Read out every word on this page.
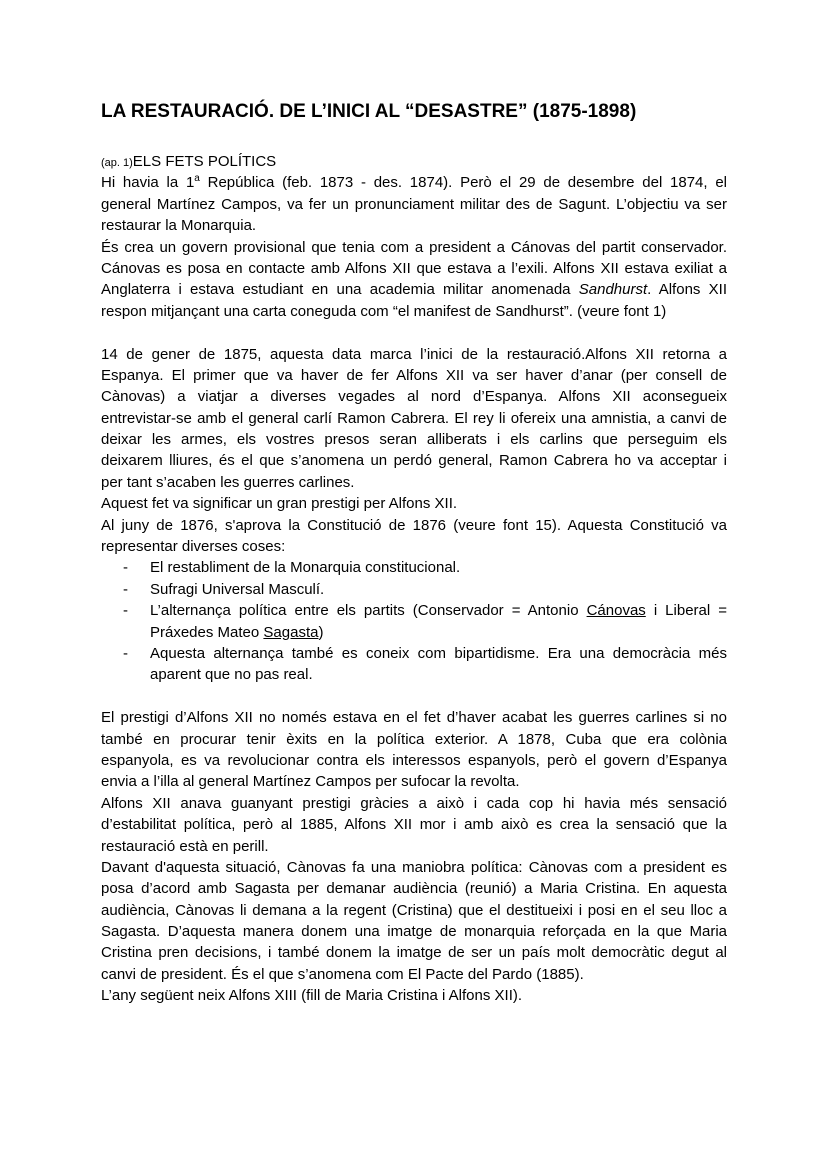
LA RESTAURACIÓ. DE L’INICI AL “DESASTRE” (1875-1898)
(ap. 1)ELS FETS POLÍTICS
Hi havia la 1$^a$ República (feb. 1873 - des. 1874). Però el 29 de desembre del 1874, el
general Martínez Campos, va fer un pronunciament militar des de Sagunt. L’objectiu va ser
restaurar la Monarquia.
És crea un govern provisional que tenia com a president a Cánovas del partit conservador.
Cánovas es posa en contacte amb Alfons XII que estava a l’exili. Alfons XII estava exiliat a
Anglaterra i estava estudiant en una academia militar anomenada Sandhurst. Alfons XII
respon mitjançant una carta coneguda com “el manifest de Sandhurst”. (veure font 1)
14 de gener de 1875, aquesta data marca l’inici de la restauració.Alfons XII retorna a
Espanya. El primer que va haver de fer Alfons XII va ser haver d’anar (per consell de
Cànovas) a viatjar a diverses vegades al nord d’Espanya. Alfons XII aconsegueix
entrevistar-se amb el general carlí Ramon Cabrera. El rey li ofereix una amnistia, a canvi de
deixar les armes, els vostres presos seran alliberats i els carlins que perseguim els
deixarem lliures, és el que s’anomena un perdó general, Ramon Cabrera ho va acceptar i
per tant s’acaben les guerres carlines.
Aquest fet va significar un gran prestigi per Alfons XII.
Al juny de 1876, s'aprova la Constitució de 1876 (veure font 15). Aquesta Constitució va
representar diverses coses:
- El restabliment de la Monarquia constitucional.
- Sufragi Universal Masculí.
- L’alternança política entre els partits (Conservador = Antonio Cánovas i Liberal =
Práxedes Mateo Sagasta)
- Aquesta alternança també es coneix com bipartidisme. Era una democràcia més
aparent que no pas real.
El prestigi d’Alfons XII no només estava en el fet d’haver acabat les guerres carlines si no
també en procurar tenir èxits en la política exterior. A 1878, Cuba que era colònia
espanyola, es va revolucionar contra els interessos espanyols, però el govern d’Espanya
envia a l’illa al general Martínez Campos per sufocar la revolta.
Alfons XII anava guanyant prestigi gràcies a això i cada cop hi havia més sensació
d’estabilitat política, però al 1885, Alfons XII mor i amb això es crea la sensació que la
restauració està en perill.
Davant d'aquesta situació, Cànovas fa una maniobra política: Cànovas com a president es
posa d’acord amb Sagasta per demanar audiència (reunió) a Maria Cristina. En aquesta
audiència, Cànovas li demana a la regent (Cristina) que el destitueixi i posi en el seu lloc a
Sagasta. D’aquesta manera donem una imatge de monarquia reforçada en la que Maria
Cristina pren decisions, i també donem la imatge de ser un país molt democràtic degut al
canvi de president. És el que s’anomena com El Pacte del Pardo (1885).
L’any següent neix Alfons XIII (fill de Maria Cristina i Alfons XII).
